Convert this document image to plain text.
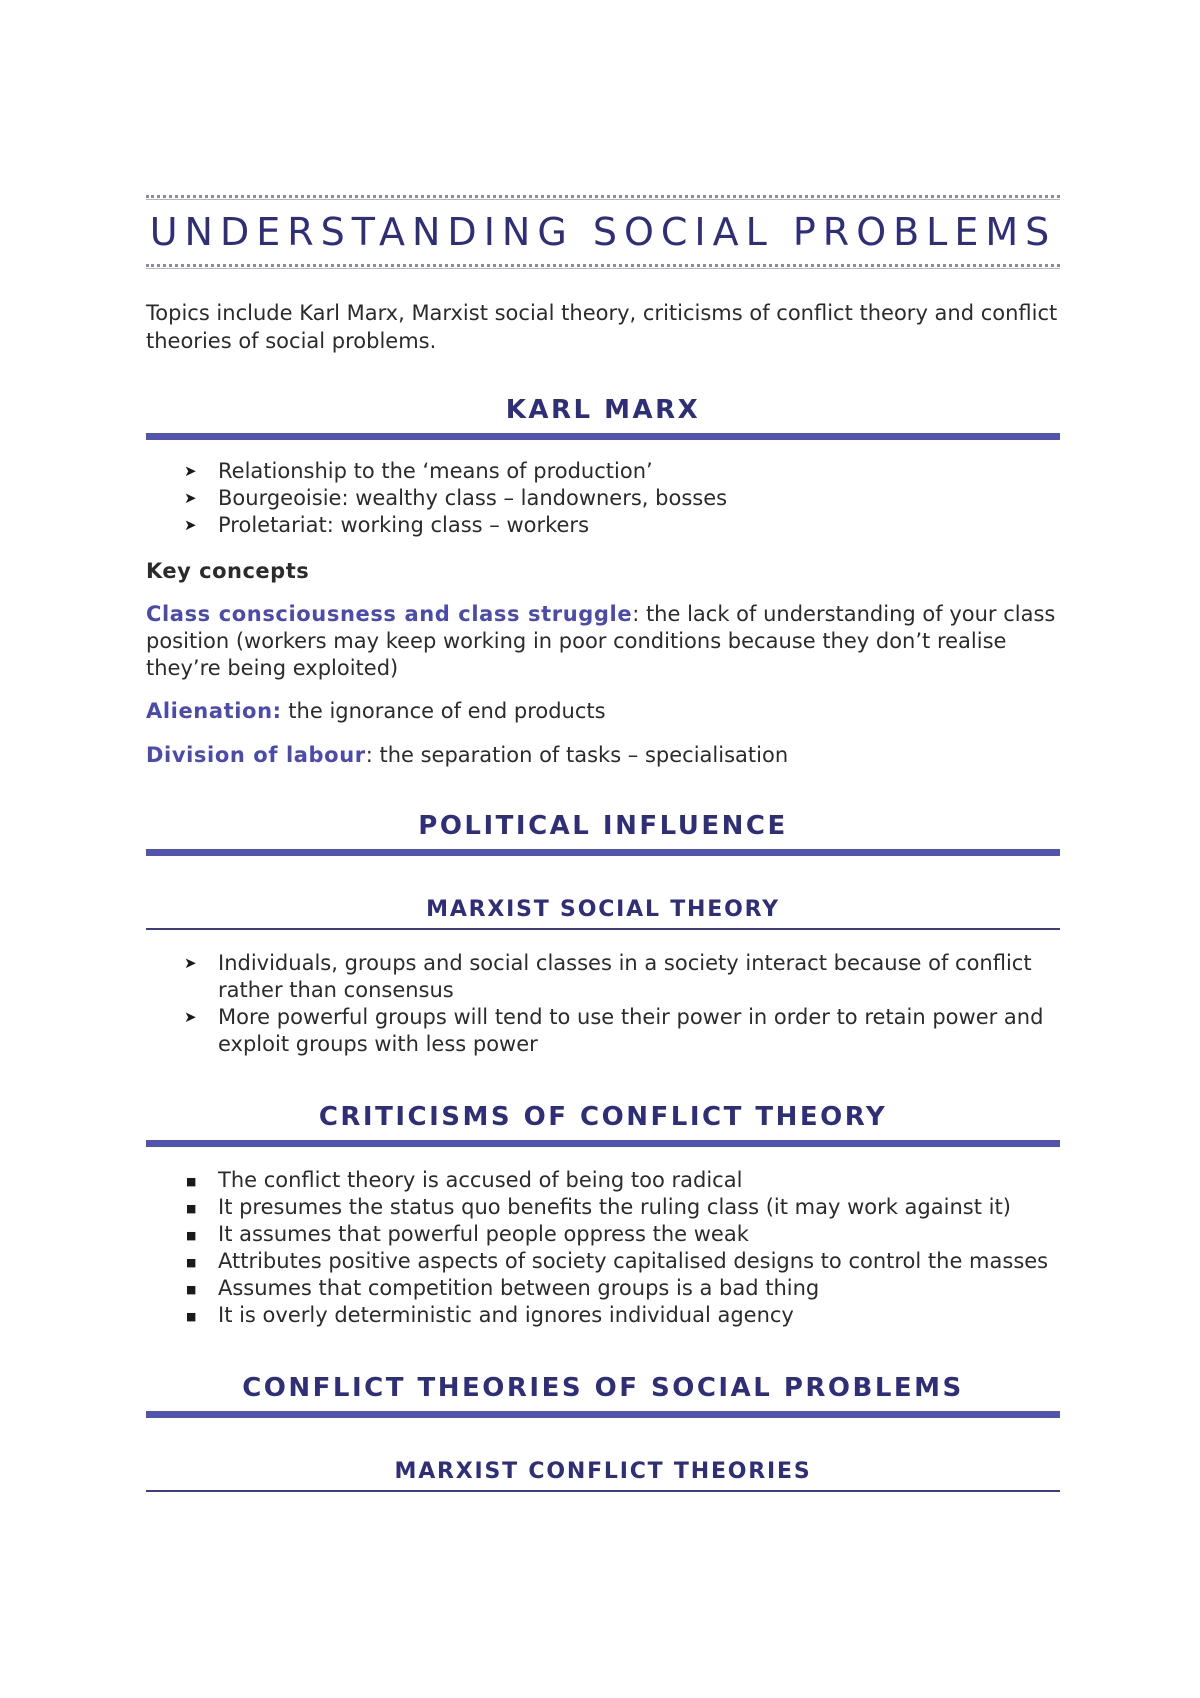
UNDERSTANDING SOCIAL PROBLEMS

Topics include Karl Marx, Marxist social theory, criticisms of conflict theory and conflict theories of social problems.

KARL MARX
➤ Relationship to the ‘means of production’
➤ Bourgeoisie: wealthy class – landowners, bosses
➤ Proletariat: working class – workers

Key concepts

Class consciousness and class struggle: the lack of understanding of your class position (workers may keep working in poor conditions because they don’t realise they’re being exploited)

Alienation: the ignorance of end products

Division of labour: the separation of tasks – specialisation

POLITICAL INFLUENCE
MARXIST SOCIAL THEORY
➤ Individuals, groups and social classes in a society interact because of conflict rather than consensus
➤ More powerful groups will tend to use their power in order to retain power and exploit groups with less power
CRITICISMS OF CONFLICT THEORY
■ The conflict theory is accused of being too radical
■ It presumes the status quo benefits the ruling class (it may work against it)
■ It assumes that powerful people oppress the weak
■ Attributes positive aspects of society capitalised designs to control the masses
■ Assumes that competition between groups is a bad thing
■ It is overly deterministic and ignores individual agency
CONFLICT THEORIES OF SOCIAL PROBLEMS
MARXIST CONFLICT THEORIES
